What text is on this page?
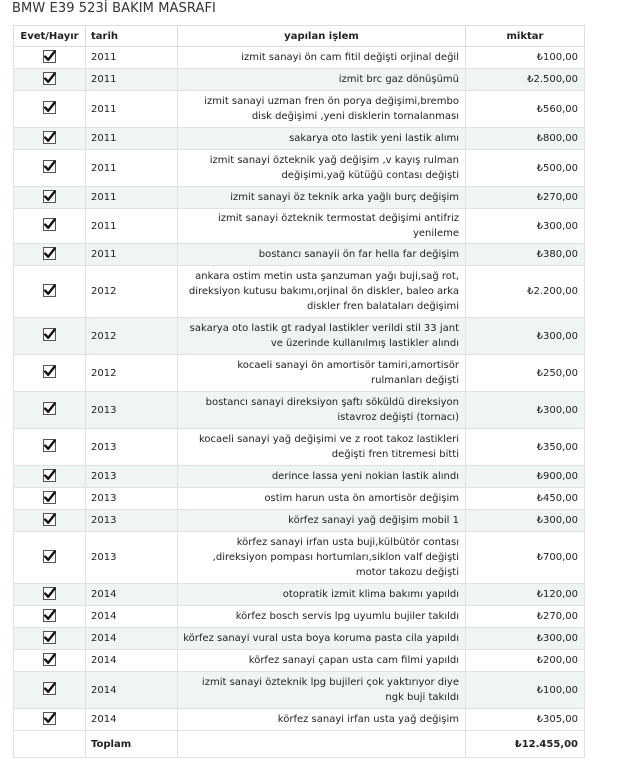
BMW E39 523İ BAKIM MASRAFI
Evet/Hayır	tarih	yapılan işlem	miktar
	2011	izmit sanayi ön cam fitil değişti orjinal değil	₺100,00
	2011	izmit brc gaz dönüşümü	₺2.500,00
	2011	izmit sanayi uzman fren ön porya değişimi,brembo disk değişimi ,yeni disklerin tornalanması	₺560,00
	2011	sakarya oto lastik yeni lastik alımı	₺800,00
	2011	izmit sanayi özteknik yağ değişim ,v kayış rulman değişimi,yağ kütüğü contası değişti	₺500,00
	2011	izmit sanayi öz teknik arka yağlı burç değişim	₺270,00
	2011	izmit sanayi özteknik termostat değişimi antifriz yenileme	₺300,00
	2011	bostancı sanayii ön far hella far değişim	₺380,00
	2012	ankara ostim metin usta şanzuman yağı buji,sağ rot, direksiyon kutusu bakımı,orjinal ön diskler, baleo arka diskler fren balataları değişimi	₺2.200,00
	2012	sakarya oto lastik gt radyal lastikler verildi stil 33 jant ve üzerinde kullanılmış lastikler alındı	₺300,00
	2012	kocaeli sanayi ön amortisör tamiri,amortisör rulmanları değişti	₺250,00
	2013	bostancı sanayi direksiyon şaftı söküldü direksiyon istavroz değişti (tornacı)	₺300,00
	2013	kocaeli sanayi yağ değişimi ve z root takoz lastikleri değişti fren titremesi bitti	₺350,00
	2013	derince lassa yeni nokian lastik alındı	₺900,00
	2013	ostim harun usta ön amortisör değişim	₺450,00
	2013	körfez sanayi yağ değişim mobil 1	₺300,00
	2013	körfez sanayi irfan usta buji,külbütör contası ,direksiyon pompası hortumları,siklon valf değişti motor takozu değişti	₺700,00
	2014	otopratik izmit klima bakımı yapıldı	₺120,00
	2014	körfez bosch servis lpg uyumlu bujiler takıldı	₺270,00
	2014	körfez sanayi vural usta boya koruma pasta cila yapıldı	₺300,00
	2014	körfez sanayi çapan usta cam filmi yapıldı	₺200,00
	2014	izmit sanayi özteknik lpg bujileri çok yaktırıyor diye ngk buji takıldı	₺100,00
	2014	körfez sanayi irfan usta yağ değişim	₺305,00
	Toplam		₺12.455,00
